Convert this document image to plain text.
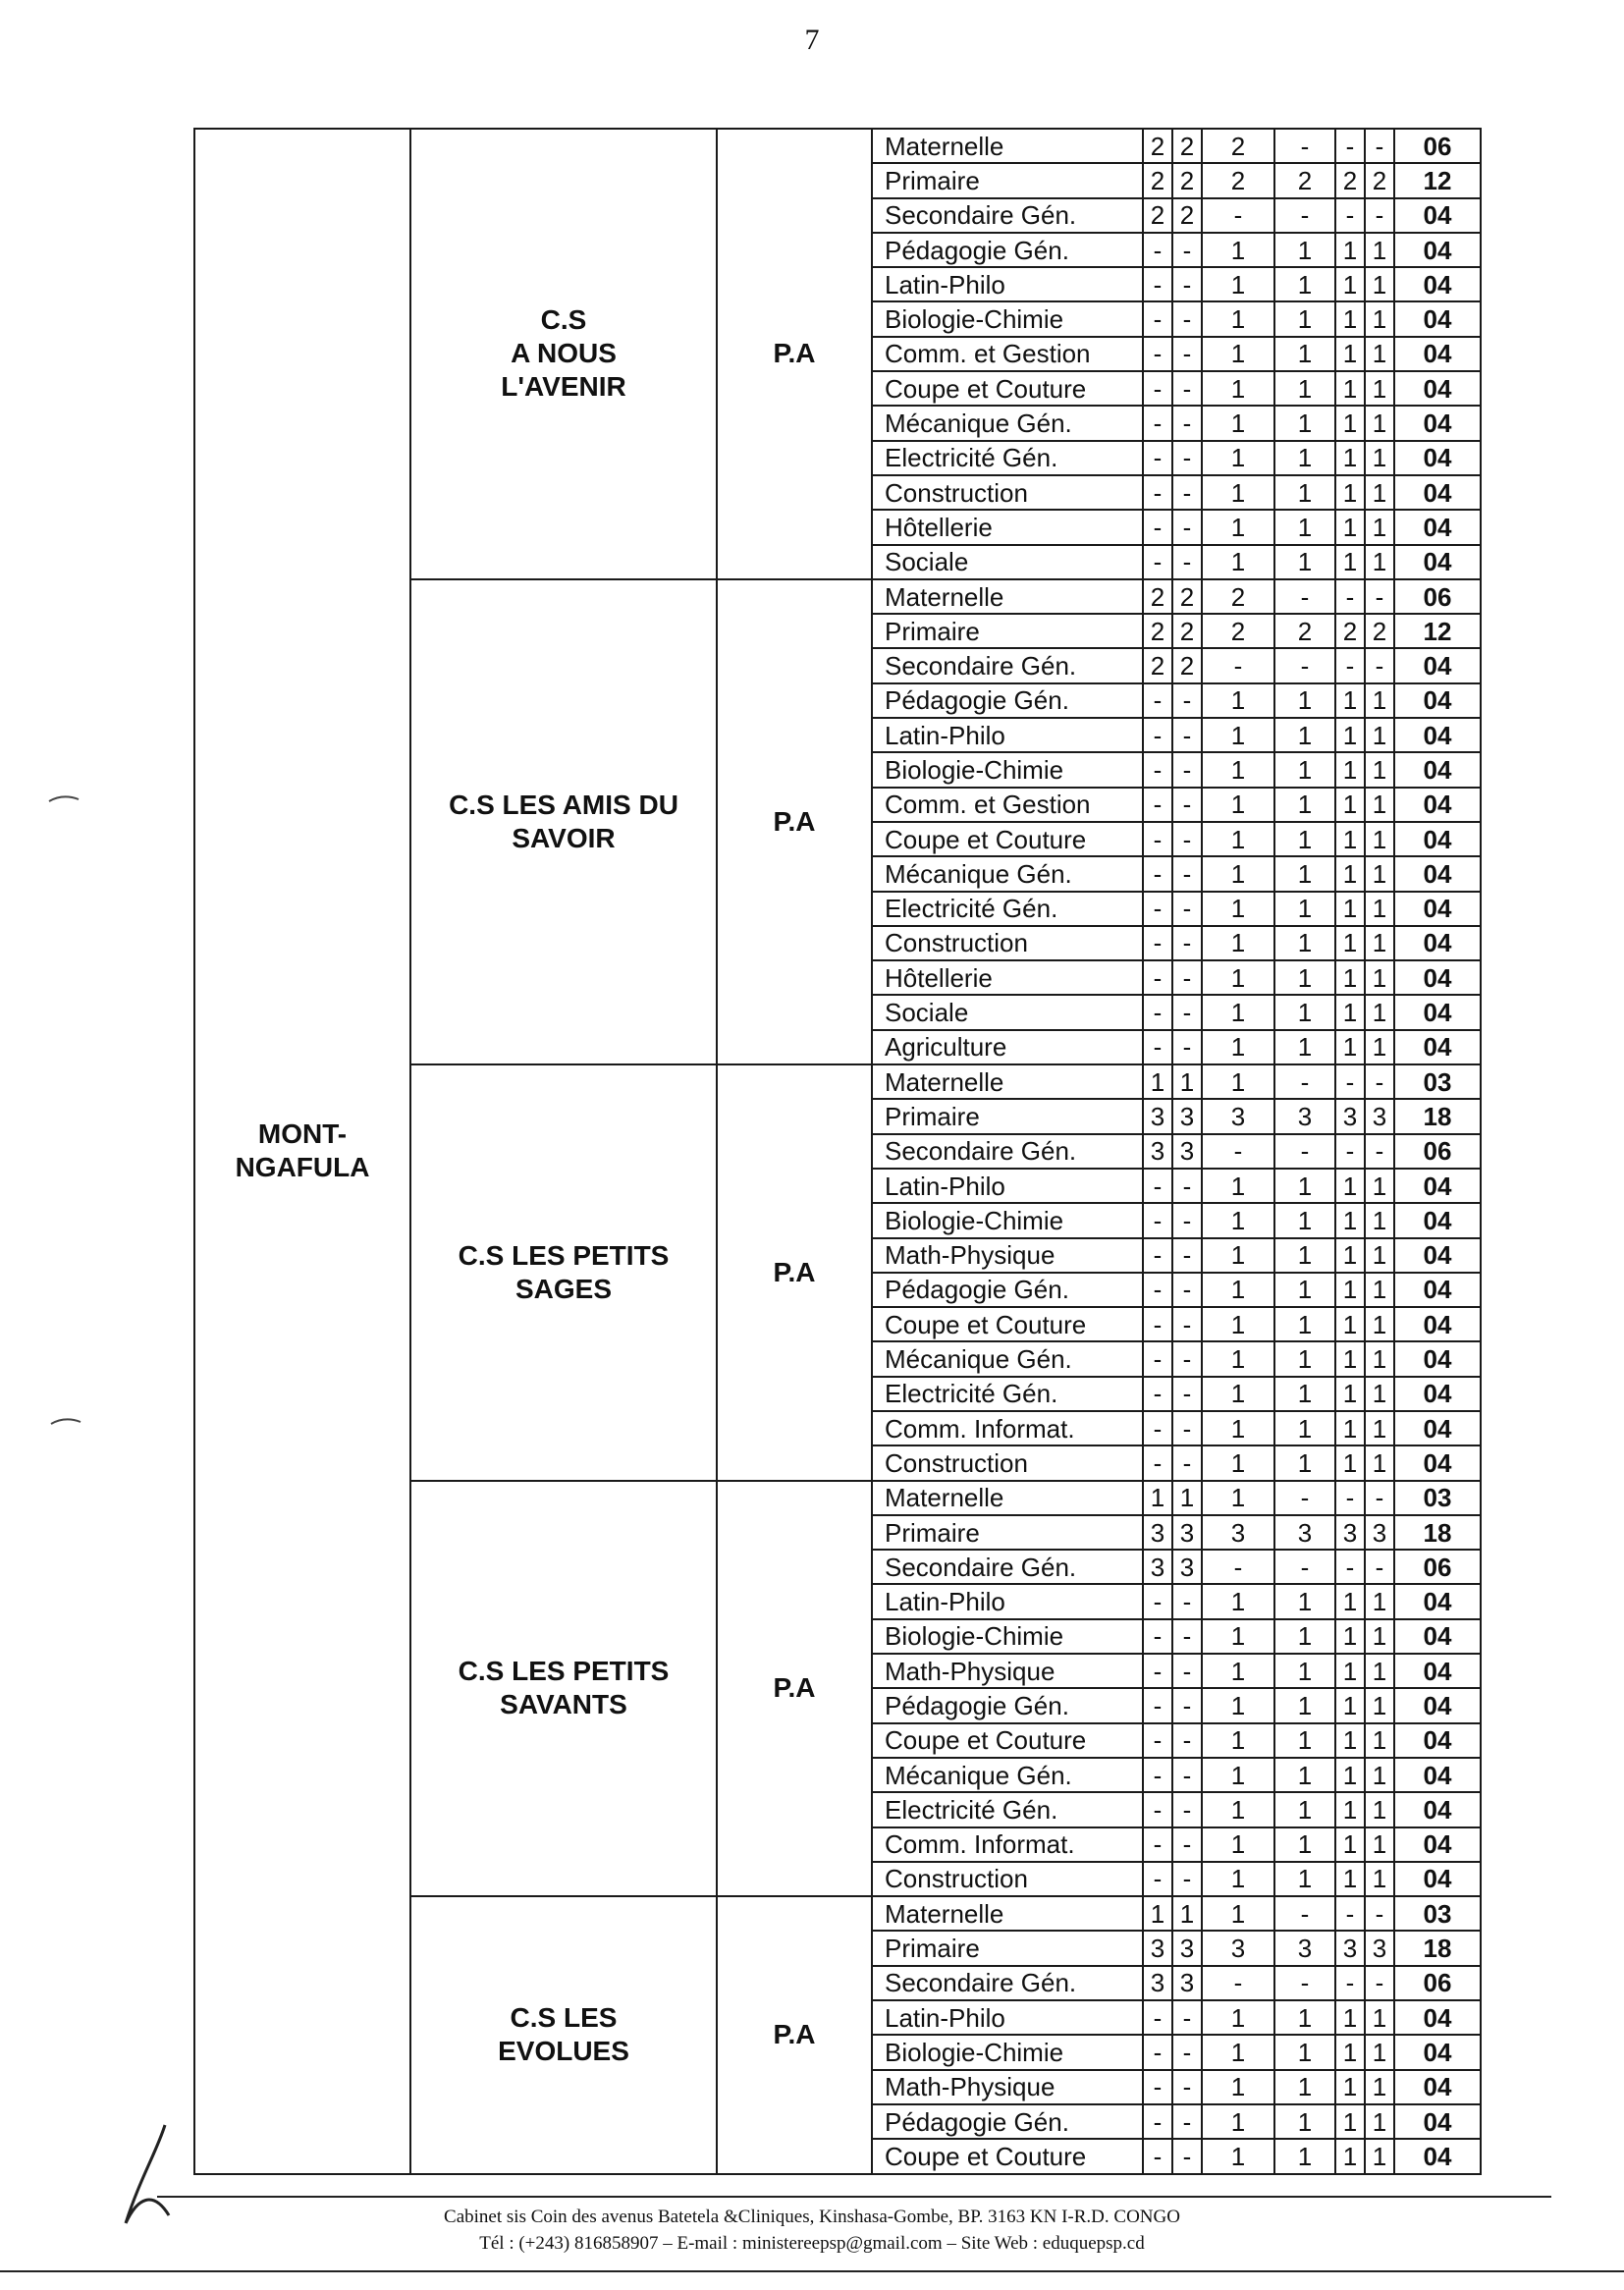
7
MONT-
NGAFULA	C.S
A NOUS
L'AVENIR	P.A	Maternelle	2	2	2	-	-	-	06
			Primaire	2	2	2	2	2	2	12
			Secondaire Gén.	2	2	-	-	-	-	04
			Pédagogie Gén.	-	-	1	1	1	1	04
			Latin-Philo	-	-	1	1	1	1	04
			Biologie-Chimie	-	-	1	1	1	1	04
			Comm. et Gestion	-	-	1	1	1	1	04
			Coupe et Couture	-	-	1	1	1	1	04
			Mécanique Gén.	-	-	1	1	1	1	04
			Electricité Gén.	-	-	1	1	1	1	04
			Construction	-	-	1	1	1	1	04
			Hôtellerie	-	-	1	1	1	1	04
			Sociale	-	-	1	1	1	1	04
	C.S LES AMIS DU
SAVOIR	P.A	Maternelle	2	2	2	-	-	-	06
			Primaire	2	2	2	2	2	2	12
			Secondaire Gén.	2	2	-	-	-	-	04
			Pédagogie Gén.	-	-	1	1	1	1	04
			Latin-Philo	-	-	1	1	1	1	04
			Biologie-Chimie	-	-	1	1	1	1	04
			Comm. et Gestion	-	-	1	1	1	1	04
			Coupe et Couture	-	-	1	1	1	1	04
			Mécanique Gén.	-	-	1	1	1	1	04
			Electricité Gén.	-	-	1	1	1	1	04
			Construction	-	-	1	1	1	1	04
			Hôtellerie	-	-	1	1	1	1	04
			Sociale	-	-	1	1	1	1	04
			Agriculture	-	-	1	1	1	1	04
	C.S LES PETITS
SAGES	P.A	Maternelle	1	1	1	-	-	-	03
			Primaire	3	3	3	3	3	3	18
			Secondaire Gén.	3	3	-	-	-	-	06
			Latin-Philo	-	-	1	1	1	1	04
			Biologie-Chimie	-	-	1	1	1	1	04
			Math-Physique	-	-	1	1	1	1	04
			Pédagogie Gén.	-	-	1	1	1	1	04
			Coupe et Couture	-	-	1	1	1	1	04
			Mécanique Gén.	-	-	1	1	1	1	04
			Electricité Gén.	-	-	1	1	1	1	04
			Comm. Informat.	-	-	1	1	1	1	04
			Construction	-	-	1	1	1	1	04
	C.S LES PETITS
SAVANTS	P.A	Maternelle	1	1	1	-	-	-	03
			Primaire	3	3	3	3	3	3	18
			Secondaire Gén.	3	3	-	-	-	-	06
			Latin-Philo	-	-	1	1	1	1	04
			Biologie-Chimie	-	-	1	1	1	1	04
			Math-Physique	-	-	1	1	1	1	04
			Pédagogie Gén.	-	-	1	1	1	1	04
			Coupe et Couture	-	-	1	1	1	1	04
			Mécanique Gén.	-	-	1	1	1	1	04
			Electricité Gén.	-	-	1	1	1	1	04
			Comm. Informat.	-	-	1	1	1	1	04
			Construction	-	-	1	1	1	1	04
	C.S LES
EVOLUES	P.A	Maternelle	1	1	1	-	-	-	03
			Primaire	3	3	3	3	3	3	18
			Secondaire Gén.	3	3	-	-	-	-	06
			Latin-Philo	-	-	1	1	1	1	04
			Biologie-Chimie	-	-	1	1	1	1	04
			Math-Physique	-	-	1	1	1	1	04
			Pédagogie Gén.	-	-	1	1	1	1	04
			Coupe et Couture	-	-	1	1	1	1	04
Cabinet sis Coin des avenus Batetela &Cliniques, Kinshasa-Gombe, BP. 3163 KN I-R.D. CONGO
Tél : (+243) 816858907 – E-mail : ministereepsp@gmail.com – Site Web : eduquepsp.cd
